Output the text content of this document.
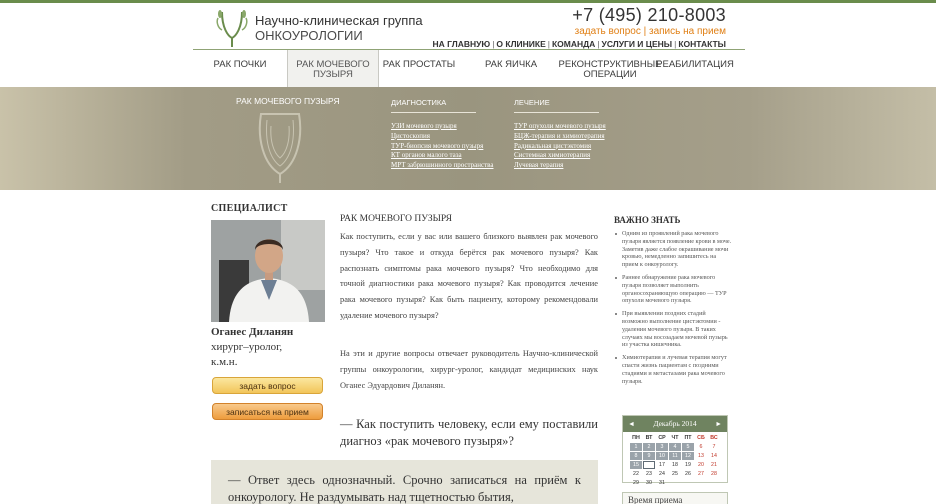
Научно-клиническая группа
ОНКОУРОЛОГИИ
+7 (495) 210-8003
задать вопрос | запись на прием
НА ГЛАВНУЮ | О КЛИНИКЕ | КОМАНДА | УСЛУГИ И ЦЕНЫ | КОНТАКТЫ
РАК ПОЧКИ	РАК МОЧЕВОГО ПУЗЫРЯ
РАК ПРОСТАТЫ	РАК ЯИЧКА	РЕКОНСТРУКТИВНЫЕ ОПЕРАЦИИ
РЕАБИЛИТАЦИЯ
РАК МОЧЕВОГО ПУЗЫРЯ	ДИАГНОСТИКА
УЗИ мочевого пузыря
Цистоскопия
ТУР-биопсия мочевого пузыря
КТ органов малого таза
МРТ забрюшинного пространства
ЛЕЧЕНИЕ
ТУР опухоли мочевого пузыря
БЦЖ-терапия и химиотерапия
Радикальная цистэктомия
Системная химиотерапия
Лучевая терапия
СПЕЦИАЛИСТ
Оганес Диланян
хирург–уролог, к.м.н.
задать вопрос
записаться на прием
РАК МОЧЕВОГО ПУЗЫРЯ
Как поступить, если у вас или вашего близкого выявлен рак мочевого пузыря? Что такое и откуда берётся рак мочевого пузыря? Как распознать симптомы рака мочевого пузыря? Что необходимо для точной диагностики рака мочевого пузыря? Как проводится лечение рака мочевого пузыря? Как быть пациенту, которому рекомендовали удаление мочевого пузыря?
На эти и другие вопросы отвечает руководитель Научно-клинической группы онкоурологии, хирург-уролог, кандидат медицинских наук Оганес Эдуардович Диланян.
— Как поступить человеку, если ему поставили диагноз «рак мочевого пузыря»?
— Ответ здесь однозначный. Срочно записаться на приём к онкоурологу. Не раздумывать над тщетностью бытия,
ВАЖНО ЗНАТЬ
Одним из проявлений рака мочевого пузыря является появление крови в моче. Заметив даже слабое окрашивание мочи кровью, немедленно запишитесь на прием к онкоурологу.
Раннее обнаружение рака мочевого пузыря позволяет выполнить органосохраняющую операцию — ТУР опухоли мочевого пузыря.
При выявлении поздних стадий возможно выполнение цистэктомии - удаления мочевого пузыря. В таких случаях мы восозадаем мочевой пузырь из участка кишечника.
Химиотерапия и лучевая терапия могут спасти жизнь пациентам с поздними стадиями и метастазами рака мочевого пузыря.
◄ Декабрь 2014	►
ПН	ВТ	СР	ЧТ	ПТ	СБ	ВС
1	2	3	4	5	6	7
8	9	10	11	12	13	14
15	16	17	18	19	20	21
22	23	24	25	26	27	28
29	30	31
Время приема
